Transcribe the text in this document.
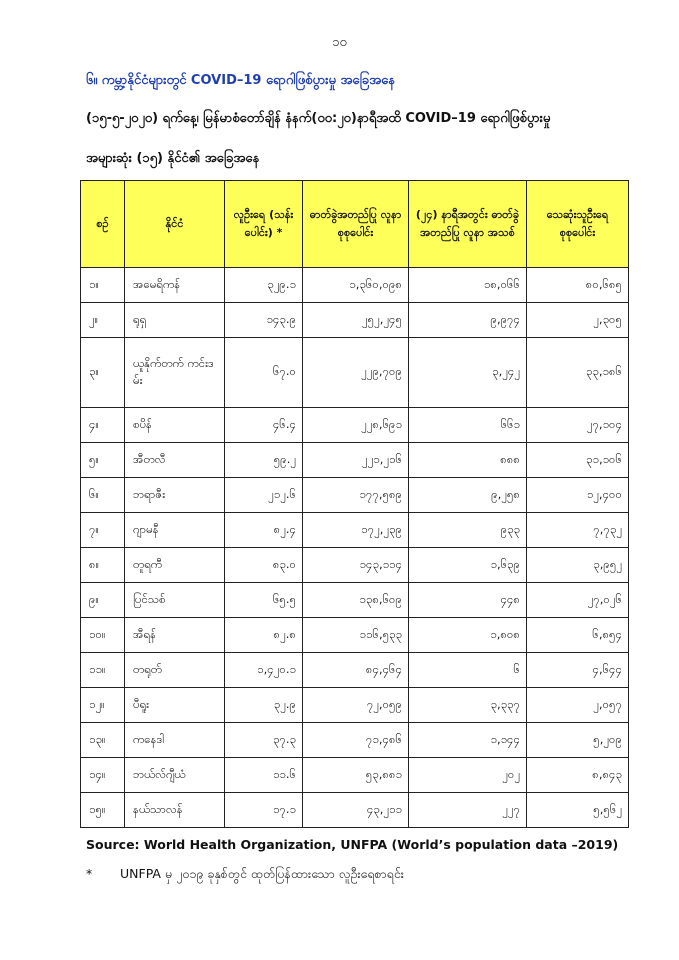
၁၀
၆။ ကမ္ဘာ့နိုင်ငံများတွင် COVID–19 ရောဂါဖြစ်ပွားမှု အခြေအနေ
(၁၅-၅-၂၀၂၀) ရက်နေ့၊ မြန်မာစံတော်ချိန် နံနက်(၀၀:၂၀)နာရီအထိ COVID–19 ရောဂါဖြစ်ပွားမှု
အများဆုံး (၁၅) နိုင်ငံ၏ အခြေအနေ
စဉ်	နိုင်ငံ	လူဦးရေ (သန်းပေါင်း) *	ဓာတ်ခွဲအတည်ပြု လူနာ စုစုပေါင်း	(၂၄) နာရီအတွင်း ဓာတ်ခွဲအတည်ပြု လူနာ အသစ်	သေဆုံးသူဦးရေ စုစုပေါင်း
၁။	အမေရိကန်	၃၂၉.၁	၁,၃၆၀,၀၉၈	၁၈,၀၆၆	၈၀,၆၈၅
၂။	ရုရှ	၁၄၃.၉	၂၅၂,၂၄၅	၉,၉၇၄	၂,၃၀၅
၃။	ယူနိုက်တက် ကင်းဒမ်း	၆၇.၀	၂၂၉,၇၀၉	၃,၂၄၂	၃၃,၁၈၆
၄။	စပိန်	၄၆.၄	၂၂၈,၆၉၁	၆၆၁	၂၇,၁၀၄
၅။	အီတလီ	၅၉.၂	၂၂၁,၂၁၆	၈၈၈	၃၁,၁၀၆
၆။	ဘရာဇီး	၂၁၂.၆	၁၇၇,၅၈၉	၉,၂၅၈	၁၂,၄၀၀
၇။	ဂျာမနီ	၈၂.၄	၁၇၂,၂၃၉	၉၃၃	၇,၇၃၂
၈။	တူရကီ	၈၃.၀	၁၄၃,၁၁၄	၁,၆၃၉	၃,၉၅၂
၉။	ပြင်သစ်	၆၅.၅	၁၃၈,၆၀၉	၄၄၈	၂၇,၀၂၆
၁၀။	အီရန်	၈၂.၈	၁၁၆,၅၃၃	၁,၈၀၈	၆,၈၅၄
၁၁။	တရုတ်	၁,၄၂၀.၁	၈၄,၄၆၄	၆	၄,၆၄၄
၁၂။	ပီရူး	၃၂.၉	၇၂,၀၅၉	၃,၃၃၇	၂,၀၅၇
၁၃။	ကနေဒါ	၃၇.၃	၇၁,၄၈၆	၁,၁၄၄	၅,၂၀၉
၁၄။	ဘယ်လ်ဂျီယံ	၁၁.၆	၅၃,၈၈၁	၂၀၂	၈,၈၄၃
၁၅။	နယ်သာလန်	၁၇.၁	၄၃,၂၁၁	၂၂၇	၅,၅၆၂
Source: World Health Organization, UNFPA (World’s population data –2019)
* UNFPA မှ ၂၀၁၉ ခုနှစ်တွင် ထုတ်ပြန်ထားသော လူဦးရေစာရင်း
